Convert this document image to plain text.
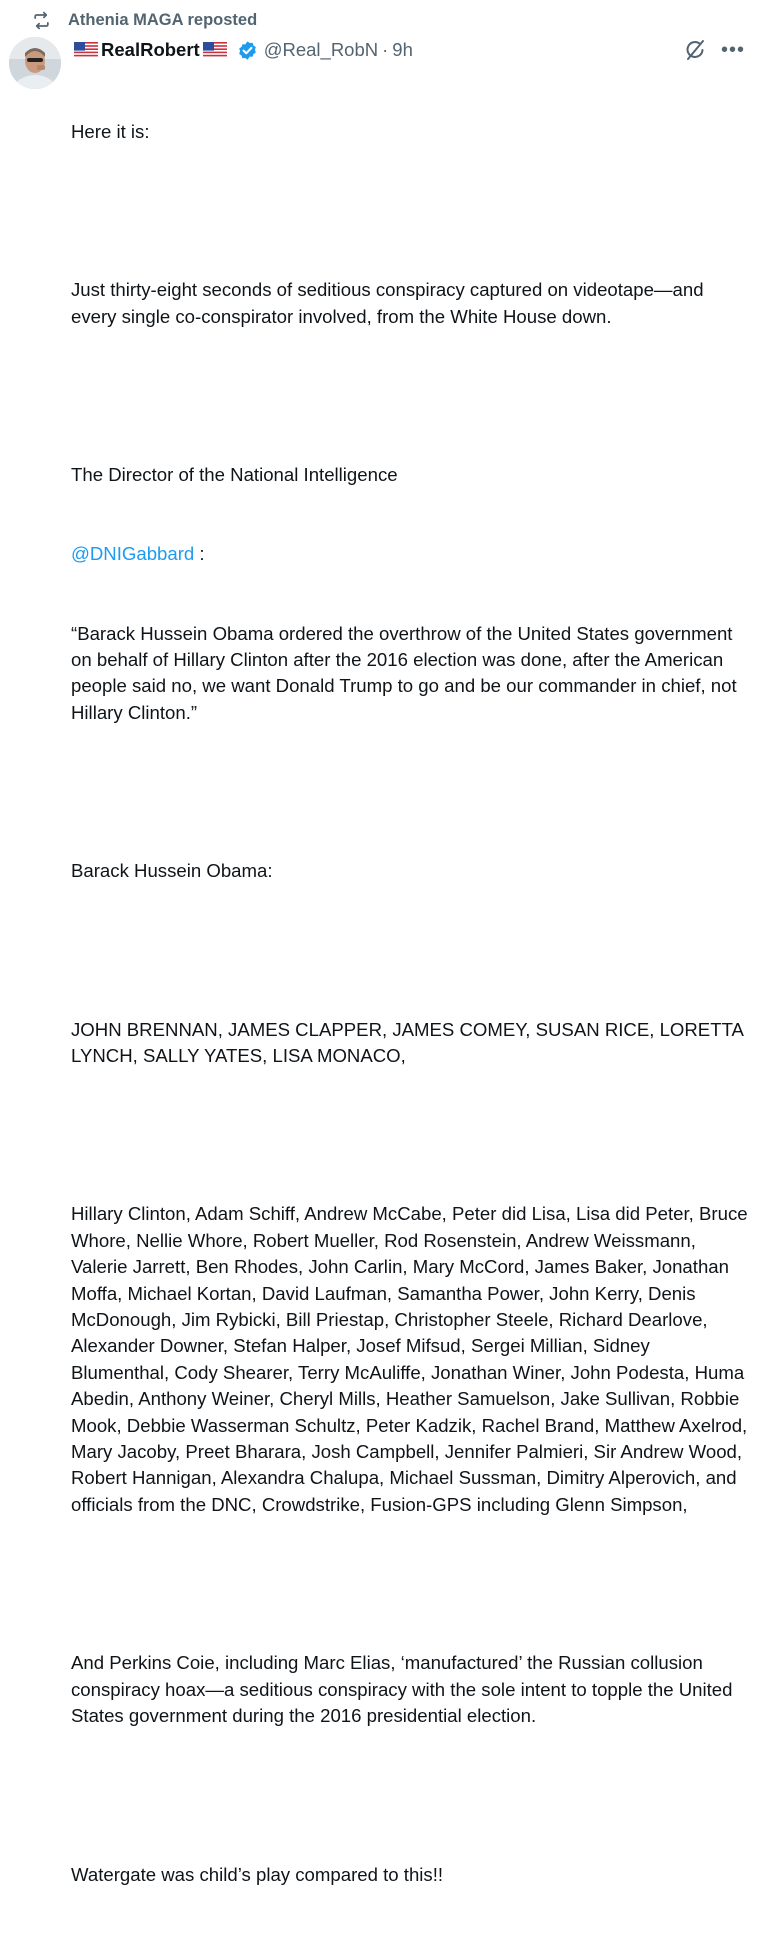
Athenia MAGA reposted
RealRobert	@Real_RobN · 9h	•••

Here it is:

Just thirty-eight seconds of seditious conspiracy captured on videotape—and every single co-conspirator involved, from the White House down.

The Director of the National Intelligence

@DNIGabbard :

“Barack Hussein Obama ordered the overthrow of the United States government on behalf of Hillary Clinton after the 2016 election was done, after the American people said no, we want Donald Trump to go and be our commander in chief, not Hillary Clinton.”

Barack Hussein Obama:

JOHN BRENNAN, JAMES CLAPPER, JAMES COMEY, SUSAN RICE, LORETTA LYNCH, SALLY YATES, LISA MONACO,

Hillary Clinton, Adam Schiff, Andrew McCabe, Peter did Lisa, Lisa did Peter, Bruce Whore, Nellie Whore, Robert Mueller, Rod Rosenstein, Andrew Weissmann, Valerie Jarrett, Ben Rhodes, John Carlin, Mary McCord, James Baker, Jonathan Moffa, Michael Kortan, David Laufman, Samantha Power, John Kerry, Denis McDonough, Jim Rybicki, Bill Priestap, Christopher Steele, Richard Dearlove, Alexander Downer, Stefan Halper, Josef Mifsud, Sergei Millian, Sidney Blumenthal, Cody Shearer, Terry McAuliffe, Jonathan Winer, John Podesta, Huma Abedin, Anthony Weiner, Cheryl Mills, Heather Samuelson, Jake Sullivan, Robbie Mook, Debbie Wasserman Schultz, Peter Kadzik, Rachel Brand, Matthew Axelrod, Mary Jacoby, Preet Bharara, Josh Campbell, Jennifer Palmieri, Sir Andrew Wood, Robert Hannigan, Alexandra Chalupa, Michael Sussman, Dimitry Alperovich, and officials from the DNC, Crowdstrike, Fusion-GPS including Glenn Simpson,

And Perkins Coie, including Marc Elias, ‘manufactured’ the Russian collusion conspiracy hoax—a seditious conspiracy with the sole intent to topple the United States government during the 2016 presidential election.

Watergate was child’s play compared to this!!
